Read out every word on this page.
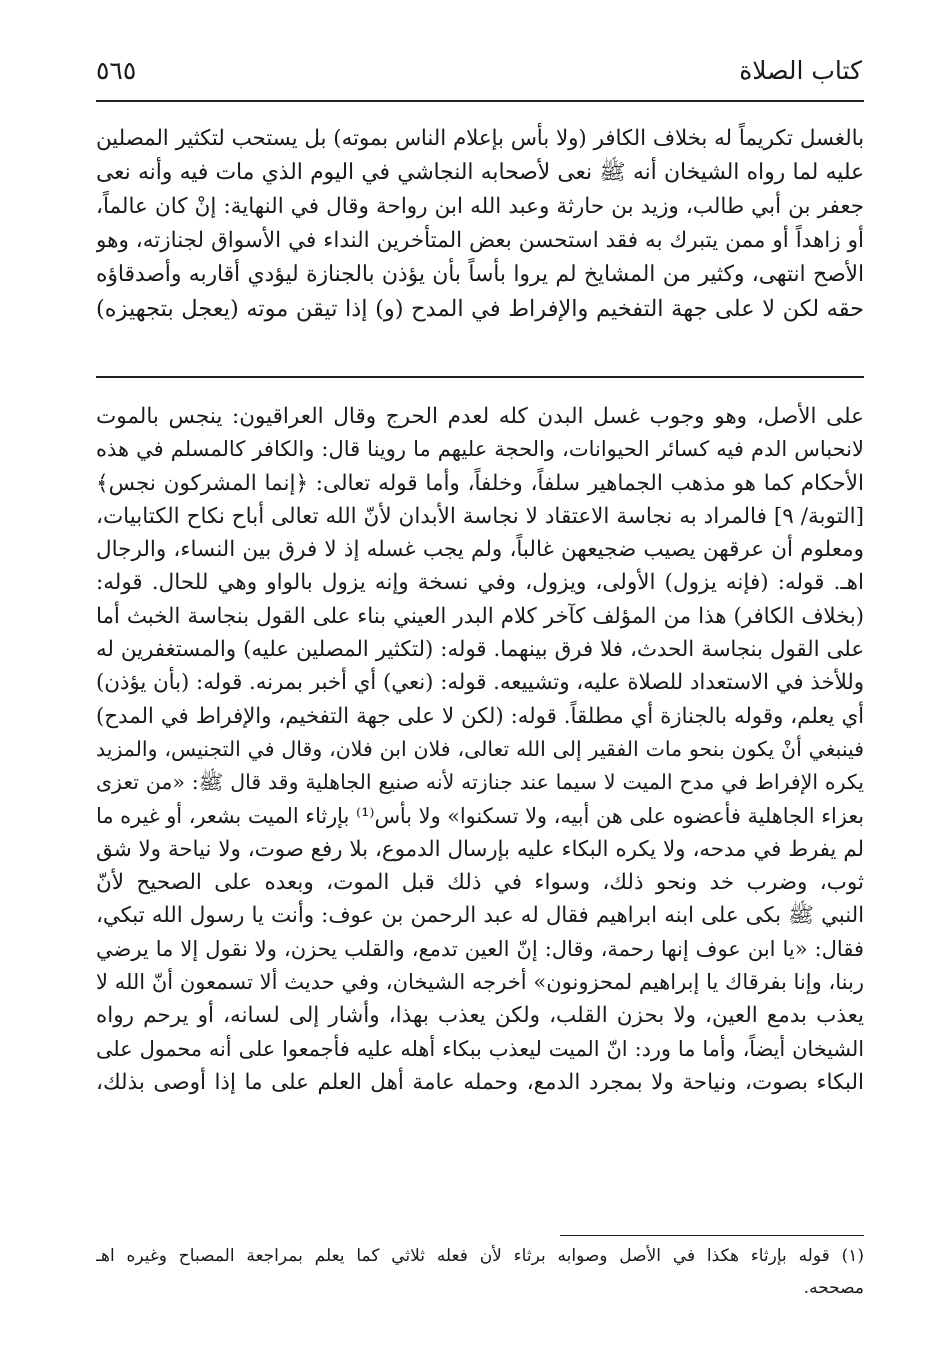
كتاب الصلاة
٥٦٥
بالغسل تكريماً له بخلاف الكافر (ولا بأس بإعلام الناس بموته) بل يستحب لتكثير المصلين
عليه لما رواه الشيخان أنه ﷺ نعى لأصحابه النجاشي في اليوم الذي مات فيه وأنه نعى
جعفر بن أبي طالب، وزيد بن حارثة وعبد الله ابن رواحة وقال في النهاية: إنْ كان عالماً،
أو زاهداً أو ممن يتبرك به فقد استحسن بعض المتأخرين النداء في الأسواق لجنازته، وهو
الأصح انتهى، وكثير من المشايخ لم يروا بأساً بأن يؤذن بالجنازة ليؤدي أقاربه وأصدقاؤه
حقه لكن لا على جهة التفخيم والإفراط في المدح (و) إذا تيقن موته (يعجل بتجهيزه)
على الأصل، وهو وجوب غسل البدن كله لعدم الحرج وقال العراقيون: ينجس بالموت
لانحباس الدم فيه كسائر الحيوانات، والحجة عليهم ما روينا قال: والكافر كالمسلم في هذه
الأحكام كما هو مذهب الجماهير سلفاً، وخلفاً، وأما قوله تعالى: ﴿إنما المشركون نجس﴾
[التوبة/ ٩] فالمراد به نجاسة الاعتقاد لا نجاسة الأبدان لأنّ الله تعالى أباح نكاح الكتابيات،
ومعلوم أن عرقهن يصيب ضجيعهن غالباً، ولم يجب غسله إذ لا فرق بين النساء، والرجال
اهـ. قوله: (فإنه يزول) الأولى، ويزول، وفي نسخة وإنه يزول بالواو وهي للحال. قوله:
(بخلاف الكافر) هذا من المؤلف كآخر كلام البدر العيني بناء على القول بنجاسة الخبث أما
على القول بنجاسة الحدث، فلا فرق بينهما. قوله: (لتكثير المصلين عليه) والمستغفرين له
وللأخذ في الاستعداد للصلاة عليه، وتشييعه. قوله: (نعي) أي أخبر بمرنه. قوله: (بأن يؤذن)
أي يعلم، وقوله بالجنازة أي مطلقاً. قوله: (لكن لا على جهة التفخيم، والإفراط في المدح)
فينبغي أنْ يكون بنحو مات الفقير إلى الله تعالى، فلان ابن فلان، وقال في التجنيس، والمزيد
يكره الإفراط في مدح الميت لا سيما عند جنازته لأنه صنيع الجاهلية وقد قال ﷺ: «من تعزى
بعزاء الجاهلية فأعضوه على هن أبيه، ولا تسكنوا» ولا بأس⁽¹⁾ بإرثاء الميت بشعر، أو غيره ما
لم يفرط في مدحه، ولا يكره البكاء عليه بإرسال الدموع، بلا رفع صوت، ولا نياحة ولا شق
ثوب، وضرب خد ونحو ذلك، وسواء في ذلك قبل الموت، وبعده على الصحيح لأنّ
النبي ﷺ بكى على ابنه ابراهيم فقال له عبد الرحمن بن عوف: وأنت يا رسول الله تبكي،
فقال: «يا ابن عوف إنها رحمة، وقال: إنّ العين تدمع، والقلب يحزن، ولا نقول إلا ما يرضي
ربنا، وإنا بفرقاك يا إبراهيم لمحزونون» أخرجه الشيخان، وفي حديث ألا تسمعون أنّ الله لا
يعذب بدمع العين، ولا بحزن القلب، ولكن يعذب بهذا، وأشار إلى لسانه، أو يرحم رواه
الشيخان أيضاً، وأما ما ورد: انّ الميت ليعذب ببكاء أهله عليه فأجمعوا على أنه محمول على
البكاء بصوت، ونياحة ولا بمجرد الدمع، وحمله عامة أهل العلم على ما إذا أوصى بذلك،
(١) قوله بإرثاء هكذا في الأصل وصوابه برثاء لأن فعله ثلاثي كما يعلم بمراجعة المصباح وغيره اهـ
مصححه.
